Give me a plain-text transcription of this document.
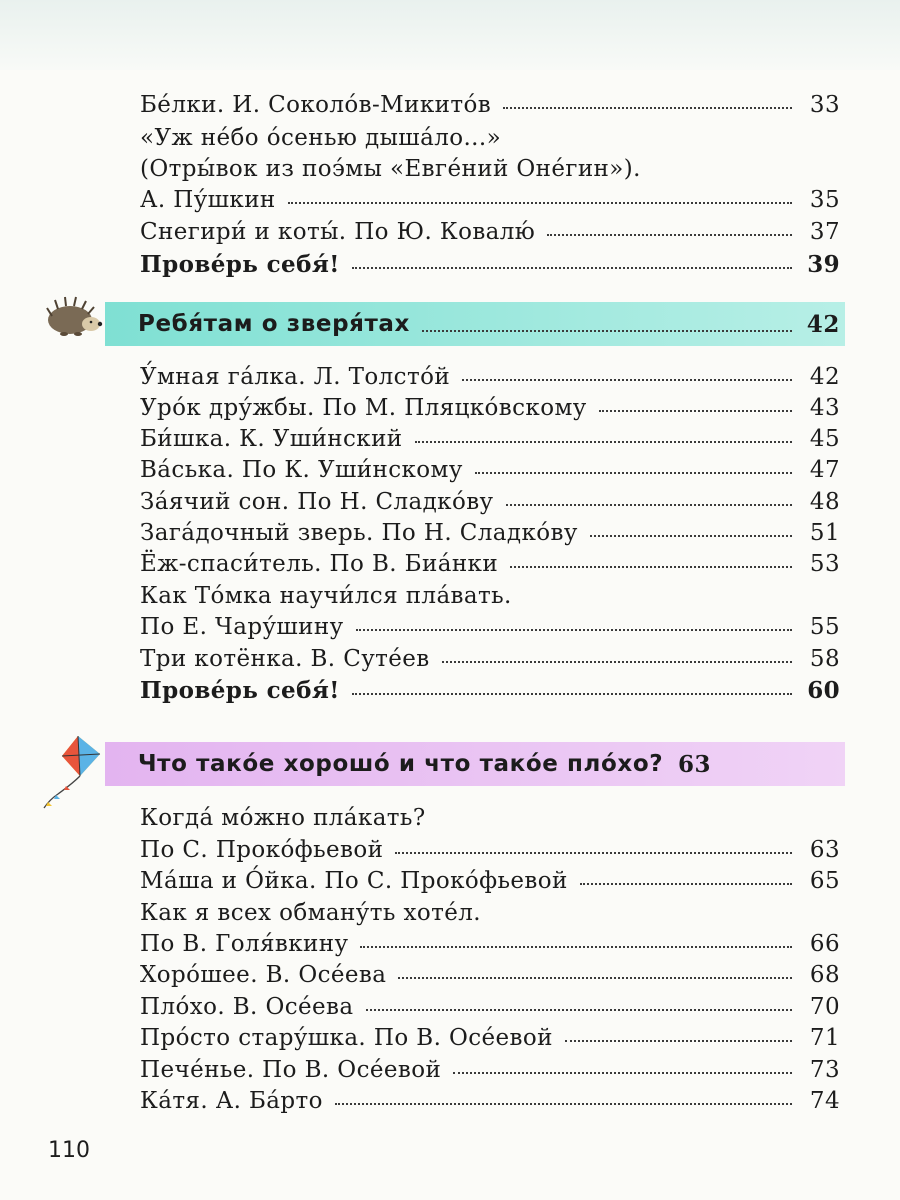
Бе́лки. И. Соколо́в-Микито́в	33
«Уж не́бо о́сенью дыша́ло...»
(Отры́вок из поэ́мы «Евге́ний Оне́гин»).
А. Пу́шкин	35
Снегири́ и коты́. По Ю. Ковалю́	37
Прове́рь себя́!	39
Ребя́там о зверя́тах	42
У́мная га́лка. Л. Толсто́й	42
Уро́к дру́жбы. По М. Пляцко́вскому	43
Би́шка. К. Уши́нский	45
Ва́ська. По К. Уши́нскому	47
За́ячий сон. По Н. Сладко́ву	48
Зага́дочный зверь. По Н. Сладко́ву	51
Ёж-спаси́тель. По В. Биа́нки	53
Как То́мка научи́лся пла́вать.
По Е. Чару́шину	55
Три котёнка. В. Суте́ев	58
Прове́рь себя́!	60
Что тако́е хорошо́ и что тако́е пло́хо? 63
Когда́ мо́жно пла́кать?
По С. Проко́фьевой	63
Ма́ша и О́йка. По С. Проко́фьевой	65
Как я всех обману́ть хоте́л.
По В. Голя́вкину	66
Хоро́шее. В. Осе́ева	68
Пло́хо. В. Осе́ева	70
Про́сто стару́шка. По В. Осе́евой	71
Пече́нье. По В. Осе́евой	73
Ка́тя. А. Ба́рто	74
110
